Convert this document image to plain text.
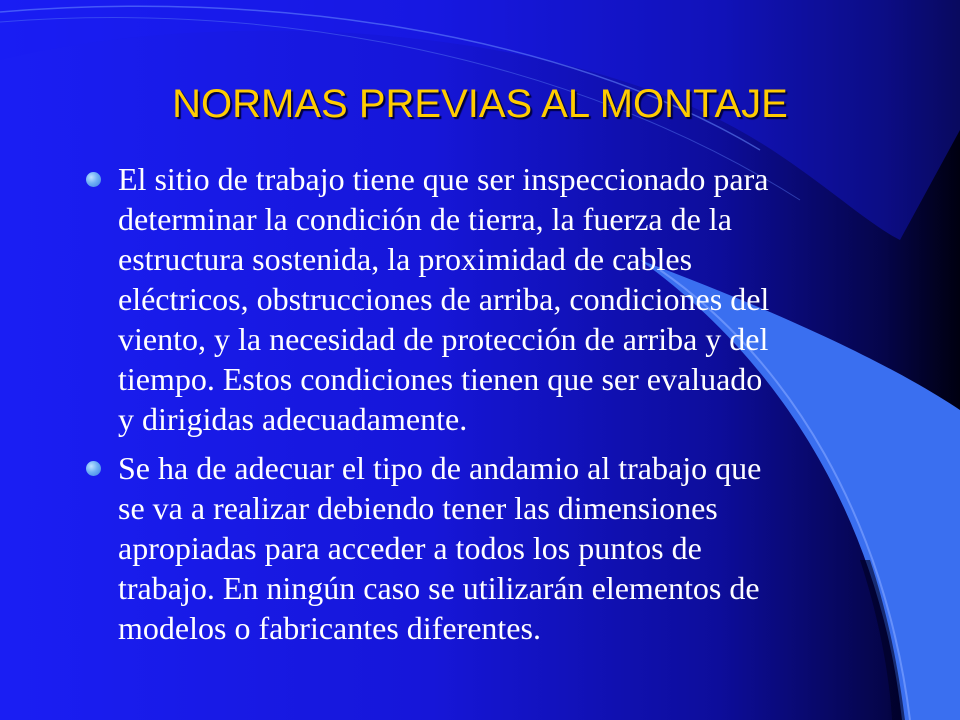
NORMAS PREVIAS AL MONTAJE
El sitio de trabajo tiene que ser inspeccionado para
determinar la condición de tierra, la fuerza de la
estructura sostenida, la proximidad de cables
eléctricos, obstrucciones de arriba, condiciones del
viento, y la necesidad de protección de arriba y del
tiempo. Estos condiciones tienen que ser evaluado
y dirigidas adecuadamente.
Se ha de adecuar el tipo de andamio al trabajo que
se va a realizar debiendo tener las dimensiones
apropiadas para acceder a todos los puntos de
trabajo. En ningún caso se utilizarán elementos de
modelos o fabricantes diferentes.
